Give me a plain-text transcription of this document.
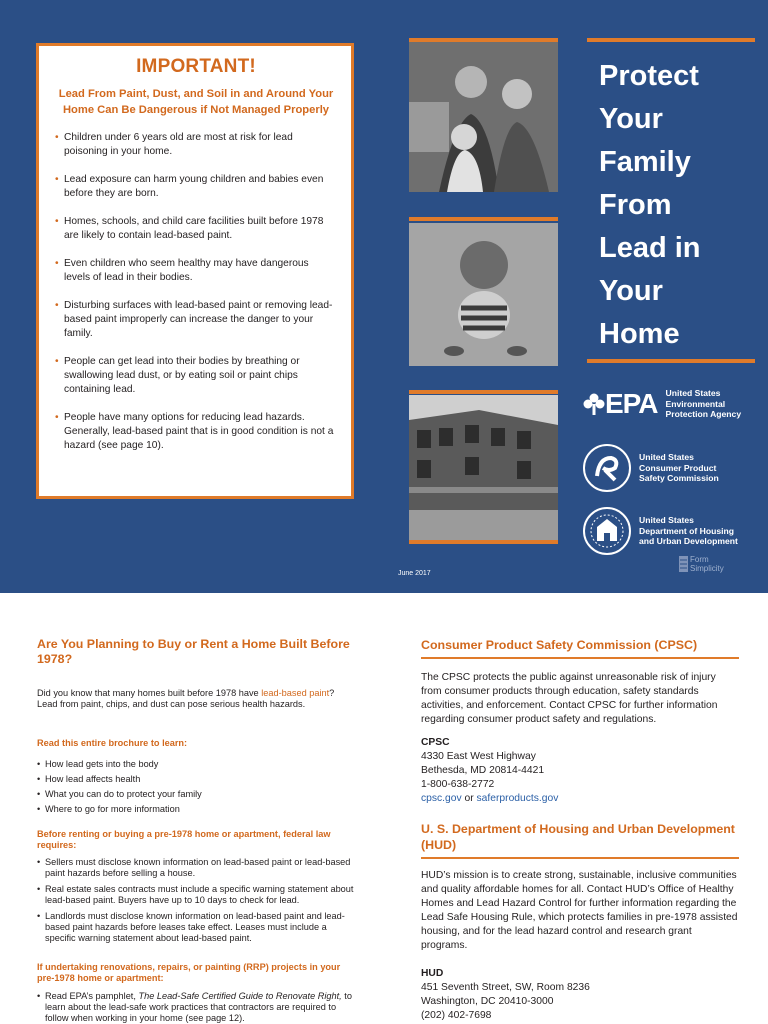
IMPORTANT!
Lead From Paint, Dust, and Soil in and Around Your Home Can Be Dangerous if Not Managed Properly
• Children under 6 years old are most at risk for lead poisoning in your home.
• Lead exposure can harm young children and babies even before they are born.
• Homes, schools, and child care facilities built before 1978 are likely to contain lead-based paint.
• Even children who seem healthy may have dangerous levels of lead in their bodies.
• Disturbing surfaces with lead-based paint or removing lead-based paint improperly can increase the danger to your family.
• People can get lead into their bodies by breathing or swallowing lead dust, or by eating soil or paint chips containing lead.
• People have many options for reducing lead hazards. Generally, lead-based paint that is in good condition is not a hazard (see page 10).
Protect
Your
Family
From
Lead in
Your
Home
EPA United States
Environmental
Protection Agency
United States
Consumer Product
Safety Commission
United States
Department of Housing
and Urban Development
June 2017
Form
Simplicity
Are You Planning to Buy or Rent a Home Built Before 1978?
Did you know that many homes built before 1978 have lead-based paint? Lead from paint, chips, and dust can pose serious health hazards.
Read this entire brochure to learn:
• How lead gets into the body
• How lead affects health
• What you can do to protect your family
• Where to go for more information
Before renting or buying a pre-1978 home or apartment, federal law requires:
• Sellers must disclose known information on lead-based paint or lead-based paint hazards before selling a house.
• Real estate sales contracts must include a specific warning statement about lead-based paint. Buyers have up to 10 days to check for lead.
• Landlords must disclose known information on lead-based paint and lead-based paint hazards before leases take effect. Leases must include a specific warning statement about lead-based paint.
If undertaking renovations, repairs, or painting (RRP) projects in your pre-1978 home or apartment:
• Read EPA’s pamphlet, The Lead-Safe Certified Guide to Renovate Right, to learn about the lead-safe work practices that contractors are required to follow when working in your home (see page 12).
Consumer Product Safety Commission (CPSC)
The CPSC protects the public against unreasonable risk of injury from consumer products through education, safety standards activities, and enforcement. Contact CPSC for further information regarding consumer product safety and regulations.
CPSC
4330 East West Highway
Bethesda, MD 20814-4421
1-800-638-2772
cpsc.gov or saferproducts.gov
U. S. Department of Housing and Urban Development (HUD)
HUD’s mission is to create strong, sustainable, inclusive communities and quality affordable homes for all. Contact HUD’s Office of Healthy Homes and Lead Hazard Control for further information regarding the Lead Safe Housing Rule, which protects families in pre-1978 assisted housing, and for the lead hazard control and research grant programs.
HUD
451 Seventh Street, SW, Room 8236
Washington, DC 20410-3000
(202) 402-7698
